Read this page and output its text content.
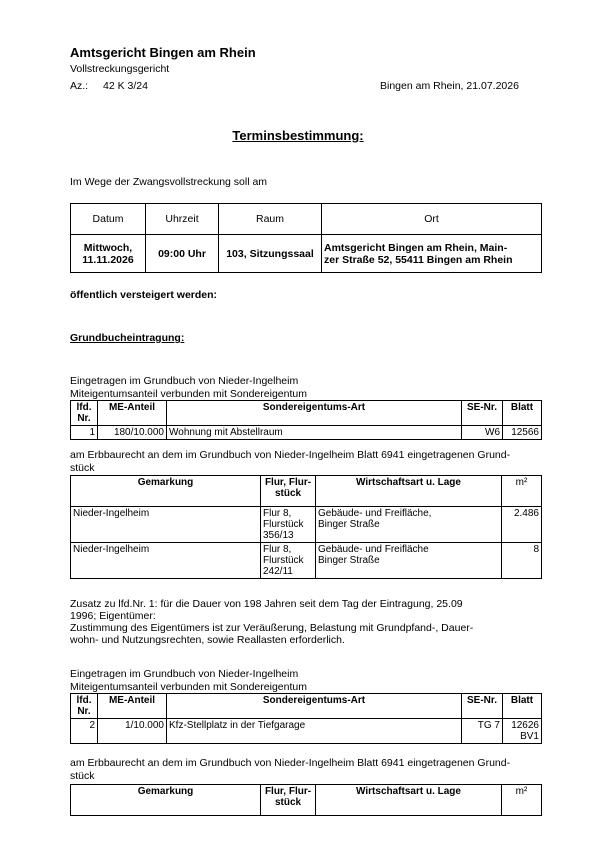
Amtsgericht Bingen am Rhein
Vollstreckungsgericht
Az.: 42 K 3/24	Bingen am Rhein, 21.07.2026
Terminsbestimmung:
Im Wege der Zwangsvollstreckung soll am
Datum	Uhrzeit	Raum	Ort
Mittwoch,
11.11.2026	09:00 Uhr	103, Sitzungssaal	Amtsgericht Bingen am Rhein, Main-
zer Straße 52, 55411 Bingen am Rhein
öffentlich versteigert werden:
Grundbucheintragung:
Eingetragen im Grundbuch von Nieder-Ingelheim
Miteigentumsanteil verbunden mit Sondereigentum
lfd.
Nr.	ME-Anteil	Sondereigentums-Art	SE-Nr.	Blatt
1	180/10.000	Wohnung mit Abstellraum	W6	12566
am Erbbaurecht an dem im Grundbuch von Nieder-Ingelheim Blatt 6941 eingetragenen Grund-
stück
Gemarkung	Flur, Flur-
stück	Wirtschaftsart u. Lage	m²
Nieder-Ingelheim	Flur 8,
Flurstück
356/13	Gebäude- und Freifläche,
Binger Straße	2.486
Nieder-Ingelheim	Flur 8,
Flurstück
242/11	Gebäude- und Freifläche
Binger Straße	8
Zusatz zu lfd.Nr. 1: für die Dauer von 198 Jahren seit dem Tag der Eintragung, 25.09
1996; Eigentümer:
Zustimmung des Eigentümers ist zur Veräußerung, Belastung mit Grundpfand-, Dauer-
wohn- und Nutzungsrechten, sowie Reallasten erforderlich.
Eingetragen im Grundbuch von Nieder-Ingelheim
Miteigentumsanteil verbunden mit Sondereigentum
lfd.
Nr.	ME-Anteil	Sondereigentums-Art	SE-Nr.	Blatt
2	1/10.000	Kfz-Stellplatz in der Tiefgarage	TG 7	12626
BV1
am Erbbaurecht an dem im Grundbuch von Nieder-Ingelheim Blatt 6941 eingetragenen Grund-
stück
Gemarkung	Flur, Flur-
stück	Wirtschaftsart u. Lage	m²
